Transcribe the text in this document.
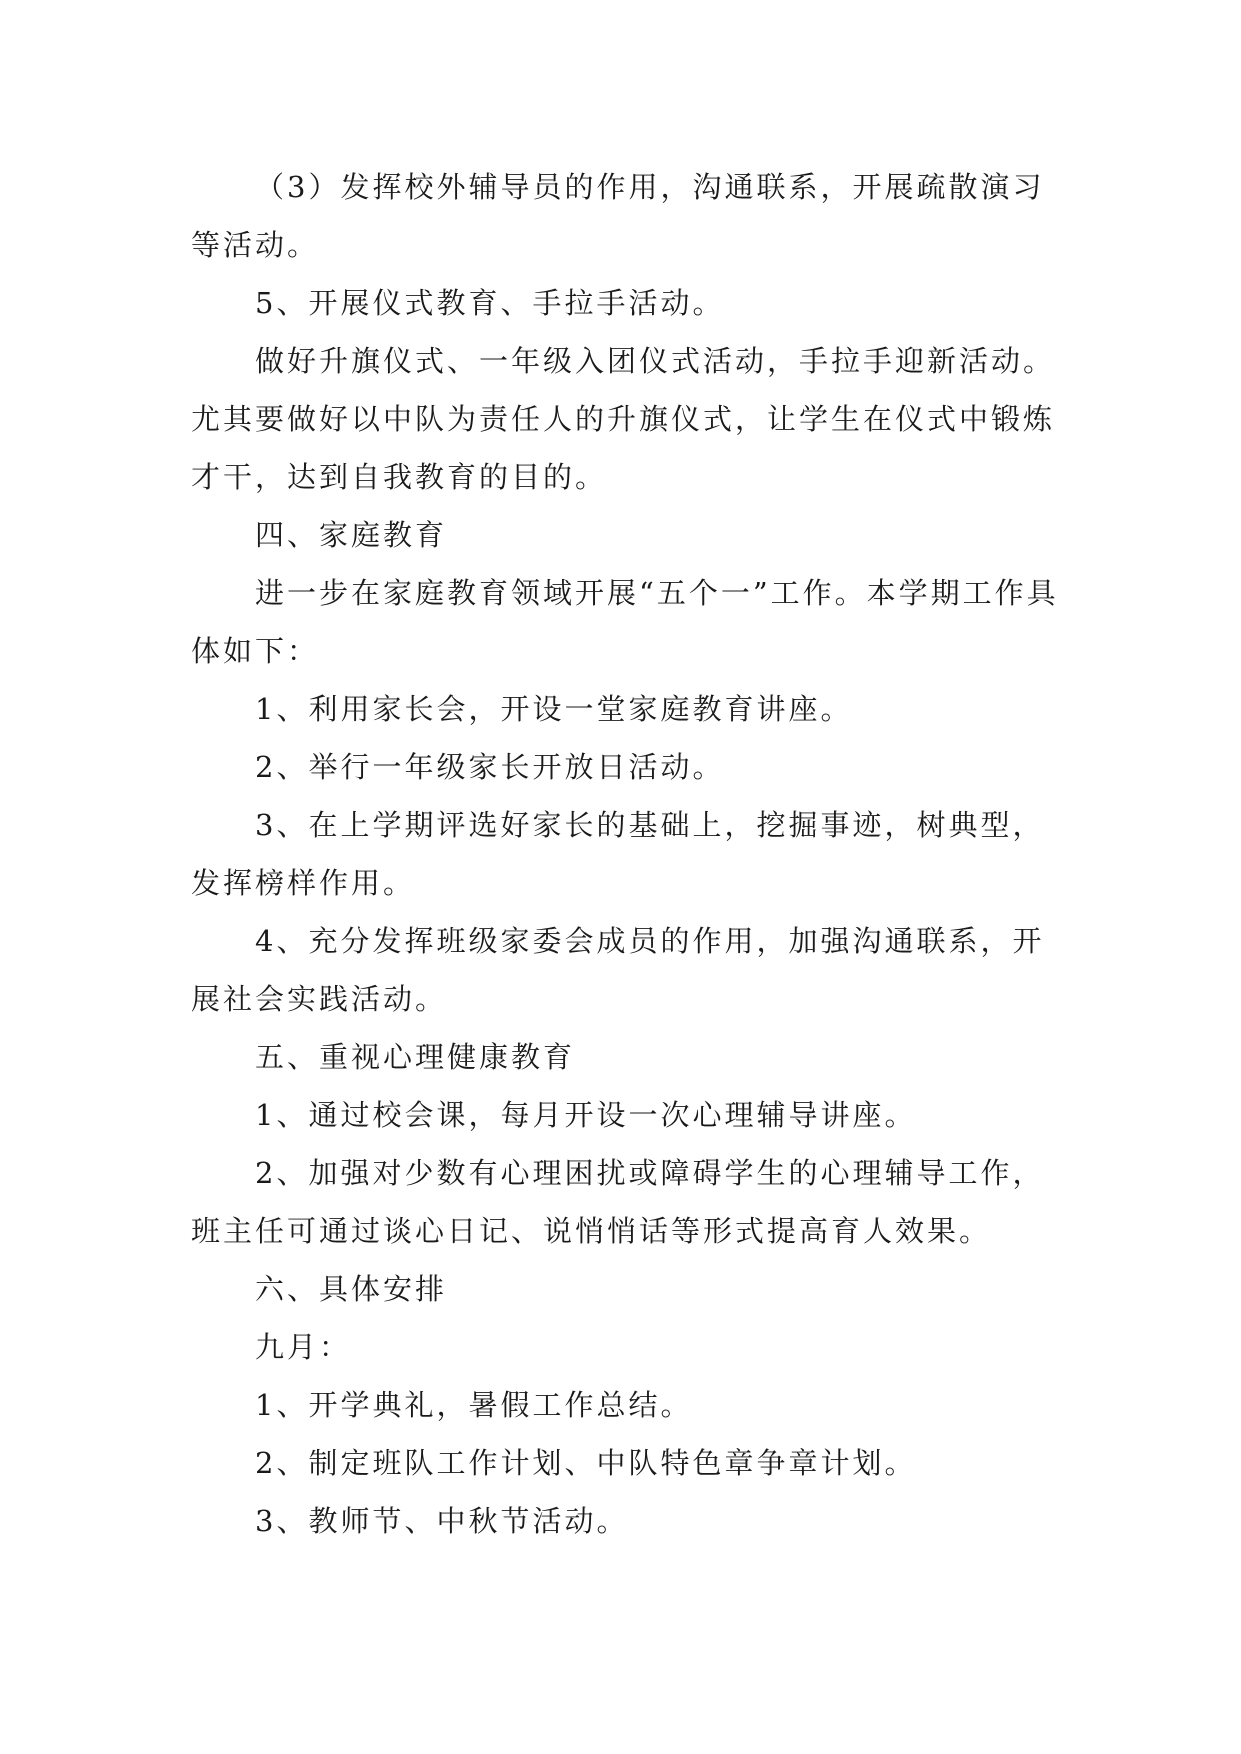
（3）发挥校外辅导员的作用，沟通联系，开展疏散演习等活动。

5、开展仪式教育、手拉手活动。

做好升旗仪式、一年级入团仪式活动，手拉手迎新活动。尤其要做好以中队为责任人的升旗仪式，让学生在仪式中锻炼才干，达到自我教育的目的。

四、家庭教育

进一步在家庭教育领域开展“五个一”工作。本学期工作具体如下：

1、利用家长会，开设一堂家庭教育讲座。

2、举行一年级家长开放日活动。

3、在上学期评选好家长的基础上，挖掘事迹，树典型，发挥榜样作用。

4、充分发挥班级家委会成员的作用，加强沟通联系，开展社会实践活动。

五、重视心理健康教育

1、通过校会课，每月开设一次心理辅导讲座。

2、加强对少数有心理困扰或障碍学生的心理辅导工作，班主任可通过谈心日记、说悄悄话等形式提高育人效果。

六、具体安排

九月：

1、开学典礼，暑假工作总结。

2、制定班队工作计划、中队特色章争章计划。

3、教师节、中秋节活动。
